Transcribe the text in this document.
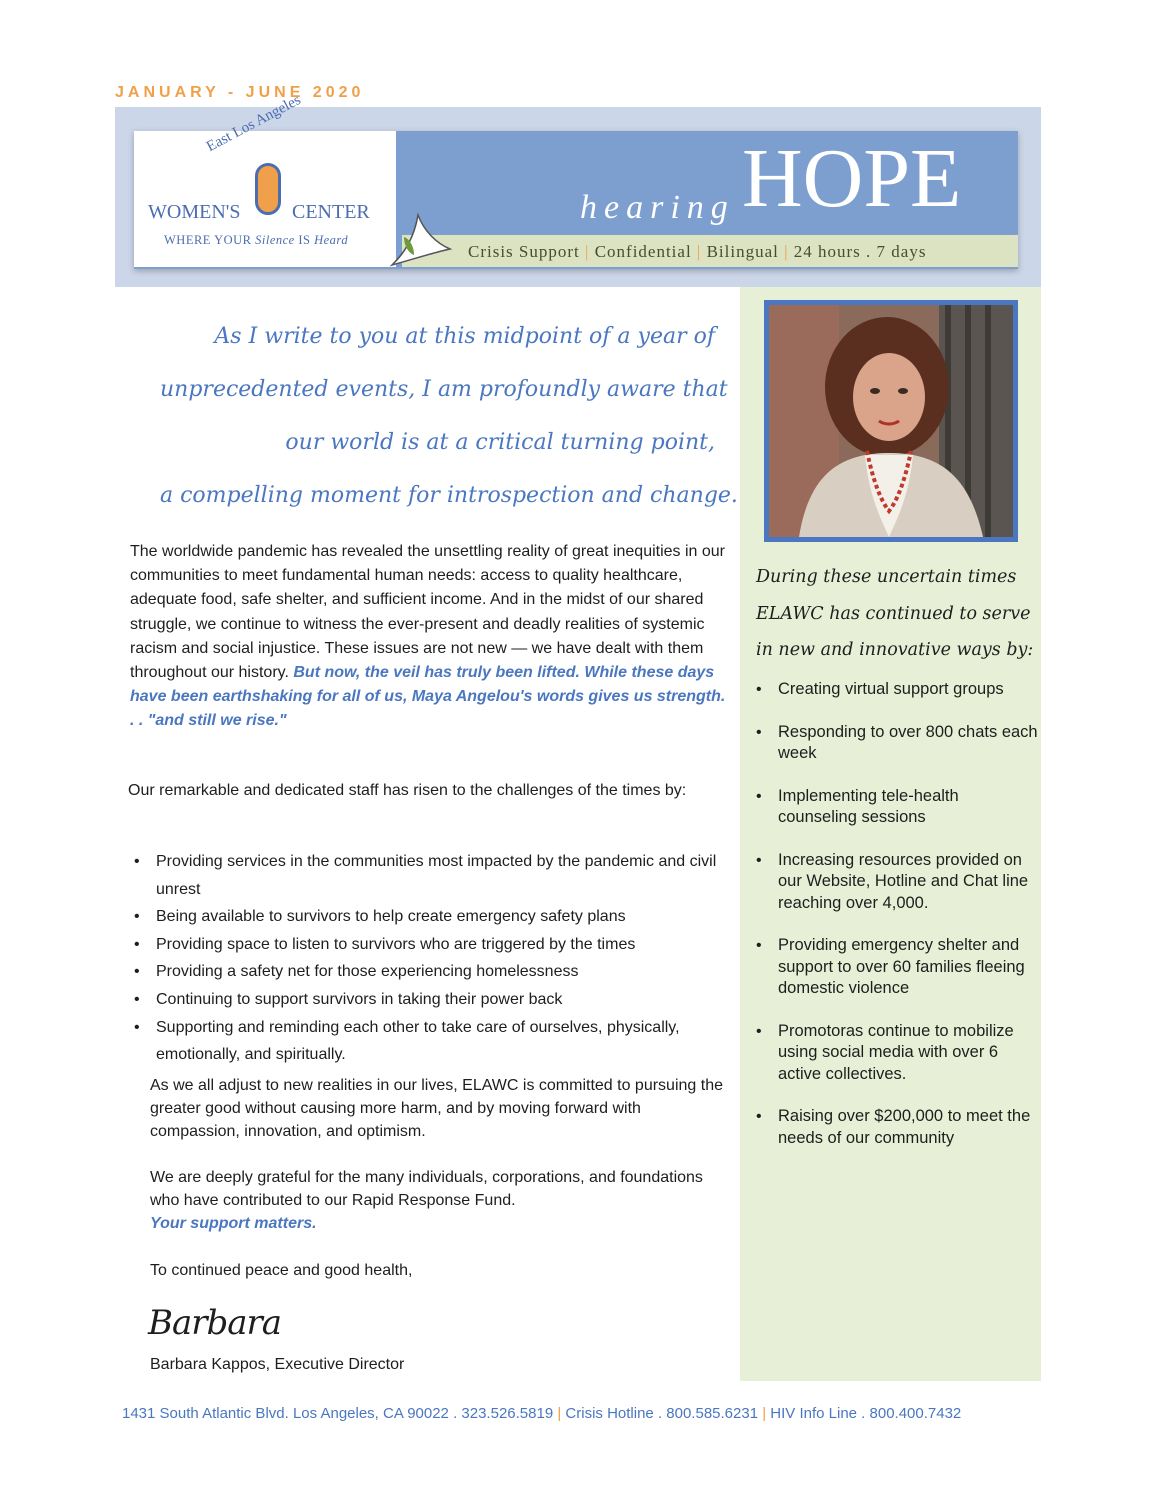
JANUARY - JUNE 2020
East Los Angeles
WOMEN'S	CENTER
WHERE YOUR Silence IS Heard
hearing HOPE
Crisis Support | Confidential | Bilingual | 24 hours . 7 days
During these uncertain times
ELAWC has continued to serve
in new and innovative ways by:
• Creating virtual support groups
• Responding to over 800 chats each week
• Implementing tele-health counseling sessions
• Increasing resources provided on our Website, Hotline and Chat line reaching over 4,000.
• Providing emergency shelter and support to over 60 families fleeing domestic violence
• Promotoras continue to mobilize using social media with over 6 active collectives.
• Raising over $200,000 to meet the needs of our community
As I write to you at this midpoint of a year of
unprecedented events, I am profoundly aware that
our world is at a critical turning point,
a compelling moment for introspection and change.
The worldwide pandemic has revealed the unsettling reality of great inequities in our communities to meet fundamental human needs: access to quality healthcare, adequate food, safe shelter, and sufficient income. And in the midst of our shared struggle, we continue to witness the ever-present and deadly realities of systemic racism and social injustice. These issues are not new — we have dealt with them throughout our history. But now, the veil has truly been lifted. While these days have been earthshaking for all of us, Maya Angelou's words gives us strength. . . "and still we rise."
Our remarkable and dedicated staff has risen to the challenges of the times by:
• Providing services in the communities most impacted by the pandemic and civil unrest
• Being available to survivors to help create emergency safety plans
• Providing space to listen to survivors who are triggered by the times
• Providing a safety net for those experiencing homelessness
• Continuing to support survivors in taking their power back
• Supporting and reminding each other to take care of ourselves, physically, emotionally, and spiritually.
As we all adjust to new realities in our lives, ELAWC is committed to pursuing the greater good without causing more harm, and by moving forward with compassion, innovation, and optimism.
We are deeply grateful for the many individuals, corporations, and foundations who have contributed to our Rapid Response Fund.
Your support matters.
To continued peace and good health,
Barbara
Barbara Kappos, Executive Director
1431 South Atlantic Blvd. Los Angeles, CA 90022 . 323.526.5819 | Crisis Hotline . 800.585.6231 | HIV Info Line . 800.400.7432
